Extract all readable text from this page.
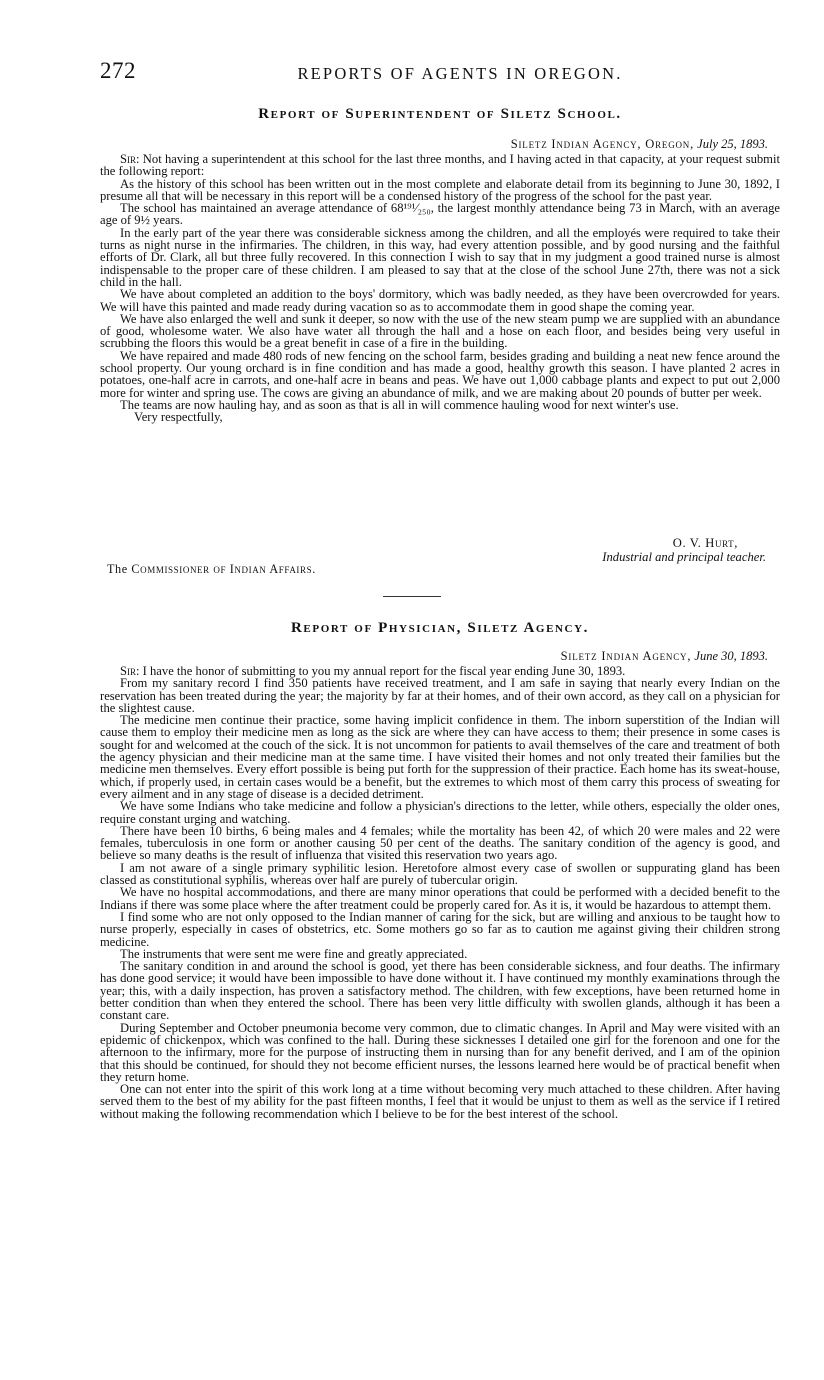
272	REPORTS OF AGENTS IN OREGON.
Report of Superintendent of Siletz School.

Siletz Indian Agency, Oregon, July 25, 1893.

Sir: Not having a superintendent at this school for the last three months, and I having acted in that capacity, at your request submit the following report:

As the history of this school has been written out in the most complete and elaborate detail from its beginning to June 30, 1892, I presume all that will be necessary in this report will be a condensed history of the progress of the school for the past year.

The school has maintained an average attendance of 68¹⁹¹⁄₂₅₀, the largest monthly attendance being 73 in March, with an average age of 9½ years.

In the early part of the year there was considerable sickness among the children, and all the employés were required to take their turns as night nurse in the infirmaries. The children, in this way, had every attention possible, and by good nursing and the faithful efforts of Dr. Clark, all but three fully recovered. In this connection I wish to say that in my judgment a good trained nurse is almost indispensable to the proper care of these children. I am pleased to say that at the close of the school June 27th, there was not a sick child in the hall.

We have about completed an addition to the boys' dormitory, which was badly needed, as they have been overcrowded for years. We will have this painted and made ready during vacation so as to accommodate them in good shape the coming year.

We have also enlarged the well and sunk it deeper, so now with the use of the new steam pump we are supplied with an abundance of good, wholesome water. We also have water all through the hall and a hose on each floor, and besides being very useful in scrubbing the floors this would be a great benefit in case of a fire in the building.

We have repaired and made 480 rods of new fencing on the school farm, besides grading and building a neat new fence around the school property. Our young orchard is in fine condition and has made a good, healthy growth this season. I have planted 2 acres in potatoes, one-half acre in carrots, and one-half acre in beans and peas. We have out 1,000 cabbage plants and expect to put out 2,000 more for winter and spring use. The cows are giving an abundance of milk, and we are making about 20 pounds of butter per week.

The teams are now hauling hay, and as soon as that is all in will commence hauling wood for next winter's use.

Very respectfully,

O. V. Hurt,

Industrial and principal teacher.

The Commissioner of Indian Affairs.

Report of Physician, Siletz Agency.

Siletz Indian Agency, June 30, 1893.

Sir: I have the honor of submitting to you my annual report for the fiscal year ending June 30, 1893.

From my sanitary record I find 350 patients have received treatment, and I am safe in saying that nearly every Indian on the reservation has been treated during the year; the majority by far at their homes, and of their own accord, as they call on a physician for the slightest cause.

The medicine men continue their practice, some having implicit confidence in them. The inborn superstition of the Indian will cause them to employ their medicine men as long as the sick are where they can have access to them; their presence in some cases is sought for and welcomed at the couch of the sick. It is not uncommon for patients to avail themselves of the care and treatment of both the agency physician and their medicine man at the same time. I have visited their homes and not only treated their families but the medicine men themselves. Every effort possible is being put forth for the suppression of their practice. Each home has its sweat-house, which, if properly used, in certain cases would be a benefit, but the extremes to which most of them carry this process of sweating for every ailment and in any stage of disease is a decided detriment.

We have some Indians who take medicine and follow a physician's directions to the letter, while others, especially the older ones, require constant urging and watching.

There have been 10 births, 6 being males and 4 females; while the mortality has been 42, of which 20 were males and 22 were females, tuberculosis in one form or another causing 50 per cent of the deaths. The sanitary condition of the agency is good, and believe so many deaths is the result of influenza that visited this reservation two years ago.

I am not aware of a single primary syphilitic lesion. Heretofore almost every case of swollen or suppurating gland has been classed as constitutional syphilis, whereas over half are purely of tubercular origin.

We have no hospital accommodations, and there are many minor operations that could be performed with a decided benefit to the Indians if there was some place where the after treatment could be properly cared for. As it is, it would be hazardous to attempt them.

I find some who are not only opposed to the Indian manner of caring for the sick, but are willing and anxious to be taught how to nurse properly, especially in cases of obstetrics, etc. Some mothers go so far as to caution me against giving their children strong medicine.

The instruments that were sent me were fine and greatly appreciated.

The sanitary condition in and around the school is good, yet there has been considerable sickness, and four deaths. The infirmary has done good service; it would have been impossible to have done without it. I have continued my monthly examinations through the year; this, with a daily inspection, has proven a satisfactory method. The children, with few exceptions, have been returned home in better condition than when they entered the school. There has been very little difficulty with swollen glands, although it has been a constant care.

During September and October pneumonia become very common, due to climatic changes. In April and May were visited with an epidemic of chickenpox, which was confined to the hall. During these sicknesses I detailed one girl for the forenoon and one for the afternoon to the infirmary, more for the purpose of instructing them in nursing than for any benefit derived, and I am of the opinion that this should be continued, for should they not become efficient nurses, the lessons learned here would be of practical benefit when they return home.

One can not enter into the spirit of this work long at a time without becoming very much attached to these children. After having served them to the best of my ability for the past fifteen months, I feel that it would be unjust to them as well as the service if I retired without making the following recommendation which I believe to be for the best interest of the school.
